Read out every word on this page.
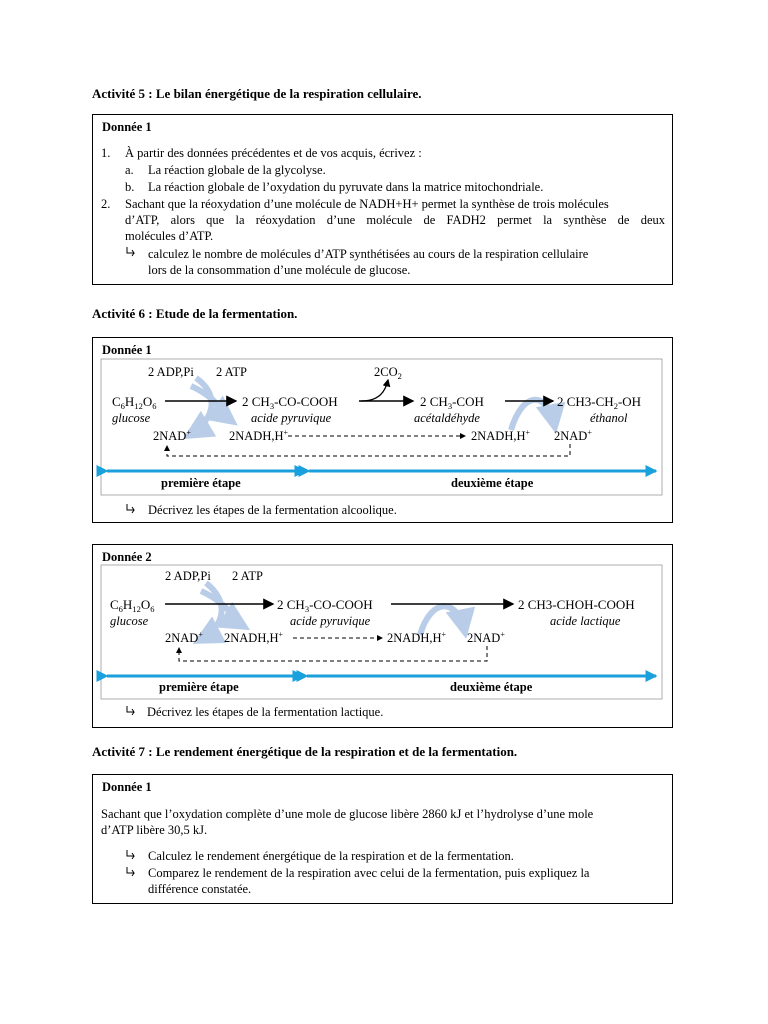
Activité 5 : Le bilan énergétique de la respiration cellulaire.
Donnée 1
1. À partir des données précédentes et de vos acquis, écrivez :
a. La réaction globale de la glycolyse.
b. La réaction globale de l’oxydation du pyruvate dans la matrice mitochondriale.
2. Sachant que la réoxydation d’une molécule de NADH+H+ permet la synthèse de trois molécules
d’ATP, alors que la réoxydation d’une molécule de FADH2 permet la synthèse de deux
molécules d’ATP.
calculez le nombre de molécules d’ATP synthétisées au cours de la respiration cellulaire
lors de la consommation d’une molécule de glucose.
Activité 6 : Etude de la fermentation.
Donnée 1
2 ADP,Pi 2 ATP	$2CO_2$
$C_6H_{12}O_6$	2 $CH_3-CO$-COOH	2 $CH_3$-COH	2 $CH3-CH_2-OH$
glucose	acide pyruvique	acétaldéhyde	éthanol
2NAD+	2NADH,H+	2NADH,H+ 2NAD+
première étape	deuxième étape
Décrivez les étapes de la fermentation alcoolique.
Donnée 2
2 ADP,Pi 2 ATP
$C_6H_{12}O_6$	2 $CH_3-CO$-COOH	2 CH3-CHOH-COOH
glucose	acide pyruvique	acide lactique
2NAD+ 2NADH,H+	2NADH,H+ 2NAD+
première étape	deuxième étape
Décrivez les étapes de la fermentation lactique.
Activité 7 : Le rendement énergétique de la respiration et de la fermentation.
Donnée 1
Sachant que l’oxydation complète d’une mole de glucose libère 2860 kJ et l’hydrolyse d’une mole
d’ATP libère 30,5 kJ.
Calculez le rendement énergétique de la respiration et de la fermentation.
Comparez le rendement de la respiration avec celui de la fermentation, puis expliquez la
différence constatée.
